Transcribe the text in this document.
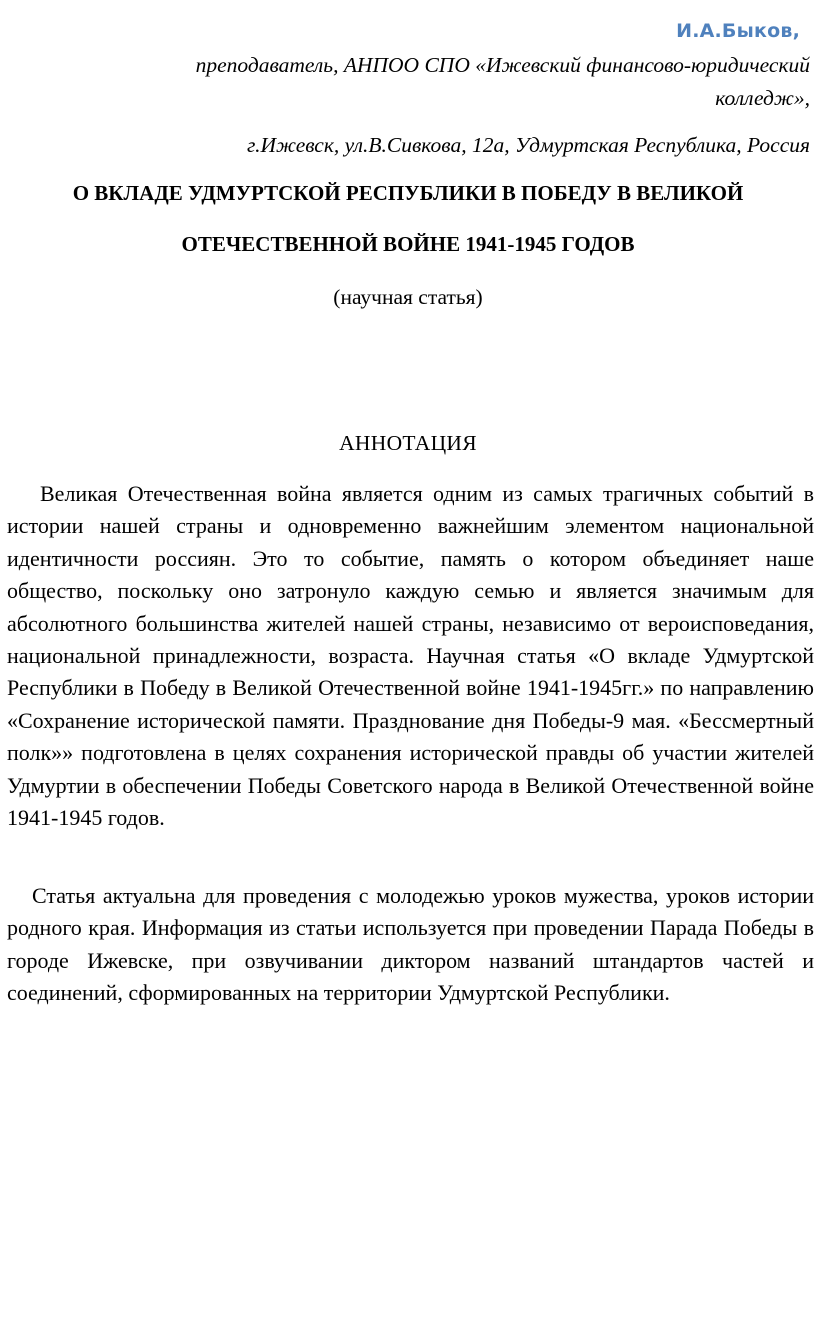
И.А.Быков,
преподаватель, АНПОО СПО «Ижевский финансово-юридический колледж»,
г.Ижевск, ул.В.Сивкова, 12а, Удмуртская Республика, Россия
О ВКЛАДЕ УДМУРТСКОЙ РЕСПУБЛИКИ В ПОБЕДУ В ВЕЛИКОЙ
ОТЕЧЕСТВЕННОЙ ВОЙНЕ 1941-1945 ГОДОВ
(научная статья)
АННОТАЦИЯ

Великая Отечественная война является одним из самых трагичных событий в истории нашей страны и одновременно важнейшим элементом национальной идентичности россиян. Это то событие, память о котором объединяет наше общество, поскольку оно затронуло каждую семью и является значимым для абсолютного большинства жителей нашей страны, независимо от вероисповедания, национальной принадлежности, возраста. Научная статья «О вкладе Удмуртской Республики в Победу в Великой Отечественной войне 1941-1945гг.» по направлению «Сохранение исторической памяти. Празднование дня Победы-9 мая. «Бессмертный полк»» подготовлена в целях сохранения исторической правды об участии жителей Удмуртии в обеспечении Победы Советского народа в Великой Отечественной войне 1941-1945 годов.

Статья актуальна для проведения с молодежью уроков мужества, уроков истории родного края. Информация из статьи используется при проведении Парада Победы в городе Ижевске, при озвучивании диктором названий штандартов частей и соединений, сформированных на территории Удмуртской Республики.
